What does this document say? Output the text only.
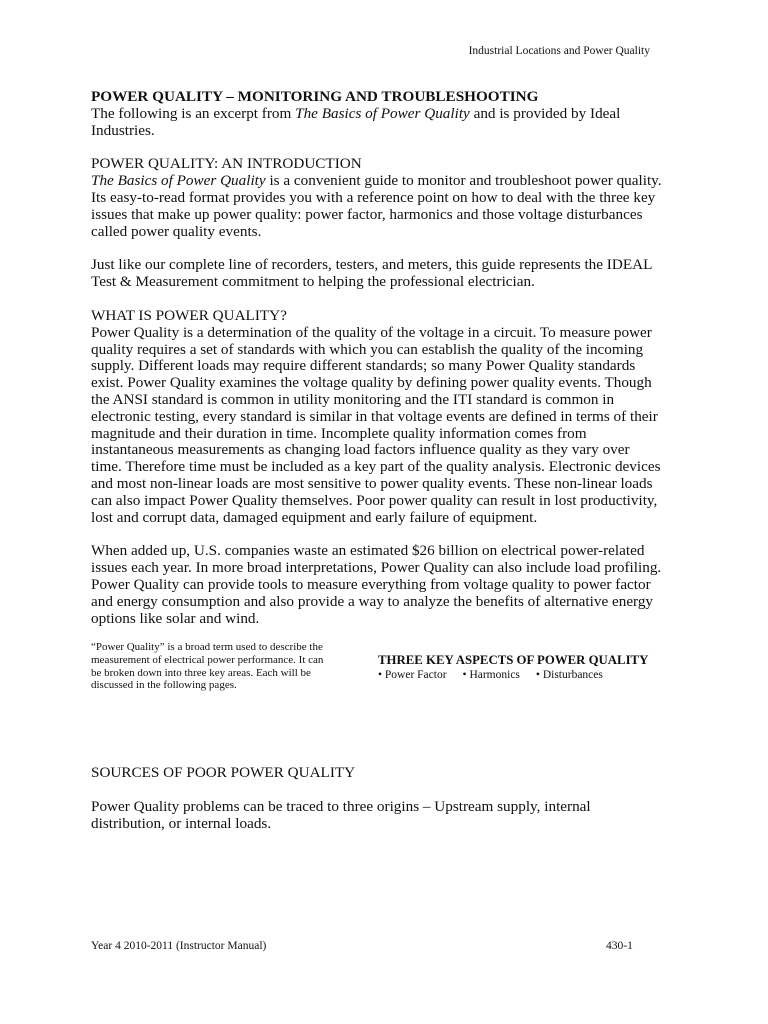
Industrial Locations and Power Quality

POWER QUALITY – MONITORING AND TROUBLESHOOTING

The following is an excerpt from The Basics of Power Quality and is provided by Ideal Industries.

POWER QUALITY: AN INTRODUCTION

The Basics of Power Quality is a convenient guide to monitor and troubleshoot power quality. Its easy-to-read format provides you with a reference point on how to deal with the three key issues that make up power quality: power factor, harmonics and those voltage disturbances called power quality events.

Just like our complete line of recorders, testers, and meters, this guide represents the IDEAL Test & Measurement commitment to helping the professional electrician.

WHAT IS POWER QUALITY?

Power Quality is a determination of the quality of the voltage in a circuit. To measure power quality requires a set of standards with which you can establish the quality of the incoming supply. Different loads may require different standards; so many Power Quality standards exist. Power Quality examines the voltage quality by defining power quality events. Though the ANSI standard is common in utility monitoring and the ITI standard is common in electronic testing, every standard is similar in that voltage events are defined in terms of their magnitude and their duration in time. Incomplete quality information comes from instantaneous measurements as changing load factors influence quality as they vary over time. Therefore time must be included as a key part of the quality analysis. Electronic devices and most non-linear loads are most sensitive to power quality events. These non-linear loads can also impact Power Quality themselves. Poor power quality can result in lost productivity, lost and corrupt data, damaged equipment and early failure of equipment.

When added up, U.S. companies waste an estimated $26 billion on electrical power-related issues each year. In more broad interpretations, Power Quality can also include load profiling. Power Quality can provide tools to measure everything from voltage quality to power factor and energy consumption and also provide a way to analyze the benefits of alternative energy options like solar and wind.

“Power Quality” is a broad term used to describe the measurement of electrical power performance. It can be broken down into three key areas. Each will be discussed in the following pages.
THREE KEY ASPECTS OF POWER QUALITY
• Power Factor • Harmonics • Disturbances

SOURCES OF POOR POWER QUALITY

Power Quality problems can be traced to three origins – Upstream supply, internal distribution, or internal loads.

Year 4 2010-2011 (Instructor Manual)	430-1
